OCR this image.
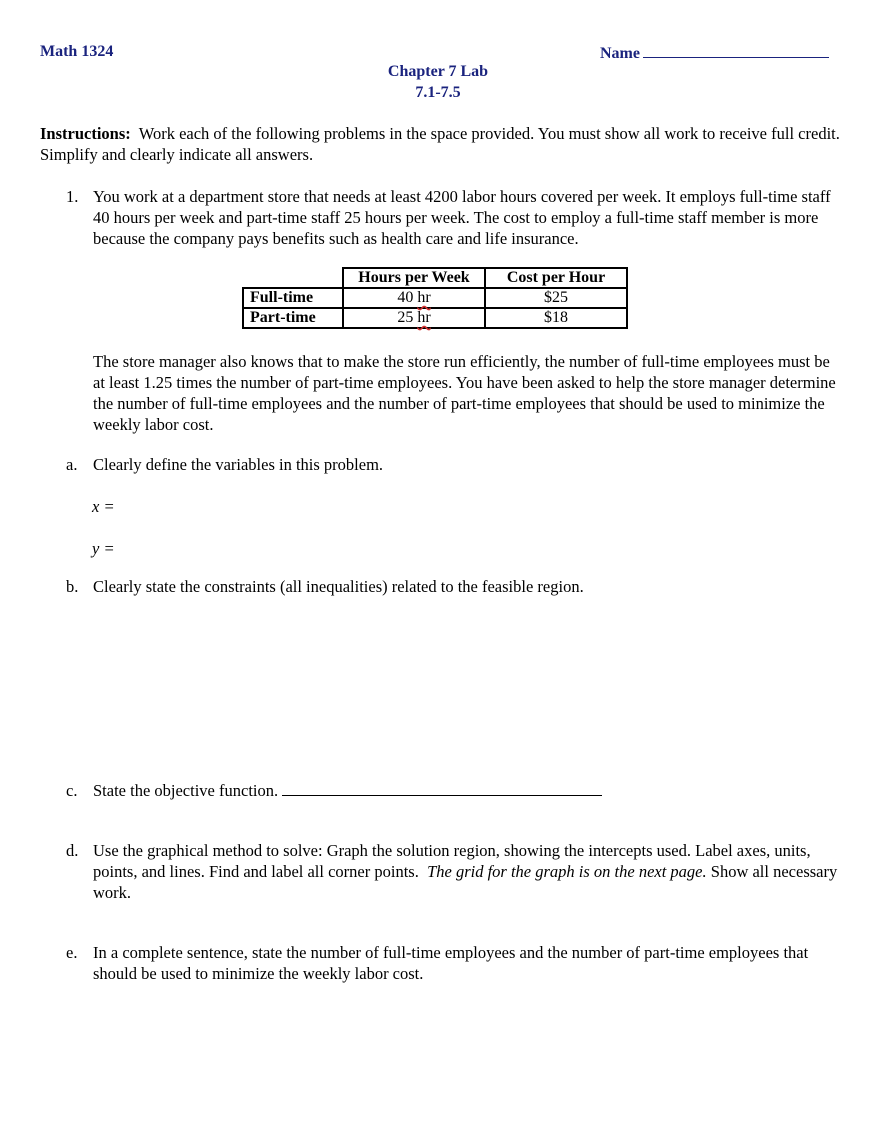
Math 1324	Name
Chapter 7 Lab
7.1-7.5
Instructions: Work each of the following problems in the space provided. You must show all work to receive full credit. Simplify and clearly indicate all answers.
1. You work at a department store that needs at least 4200 labor hours covered per week. It employs full-time staff 40 hours per week and part-time staff 25 hours per week. The cost to employ a full-time staff member is more because the company pays benefits such as health care and life insurance.
	Hours per Week	Cost per Hour
Full-time	40 hr	$25
Part-time	25 hr	$18
The store manager also knows that to make the store run efficiently, the number of full-time employees must be at least 1.25 times the number of part-time employees. You have been asked to help the store manager determine the number of full-time employees and the number of part-time employees that should be used to minimize the weekly labor cost.
a. Clearly define the variables in this problem.
x =
y =
b. Clearly state the constraints (all inequalities) related to the feasible region.
c. State the objective function.
d. Use the graphical method to solve: Graph the solution region, showing the intercepts used. Label axes, units, points, and lines. Find and label all corner points. The grid for the graph is on the next page. Show all necessary work.
e. In a complete sentence, state the number of full-time employees and the number of part-time employees that should be used to minimize the weekly labor cost.
